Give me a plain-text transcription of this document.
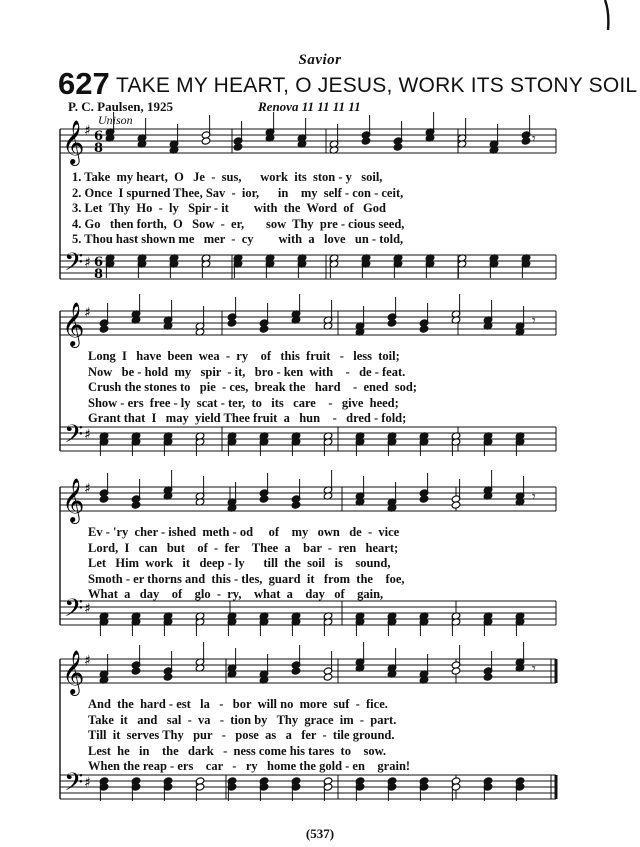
Savior
627 TAKE MY HEART, O JESUS, WORK ITS STONY SOIL
P. C. Paulsen, 1925	Renova 11 11 11 11
Unison
𝄞
𝄢
♯
♯
6
6
8
8
𝄾
𝄞
𝄢
♯
♯
𝄾
𝄞
𝄢
♯
♯
𝄾
𝄞
𝄢
♯
♯
𝄾
1. Take  my heart,  O   Je  -  sus,      work  its  ston - y   soil,
2. Once  I spurned Thee, Sav  -  ior,      in    my  self - con - ceit,
3. Let  Thy  Ho  -  ly   Spir - it        with  the  Word  of   God
4. Go   then forth,  O   Sow  -  er,       sow  Thy  pre - cious seed,
5. Thou hast shown me   mer  -  cy        with  a   love   un - told,
Long  I   have  been  wea  -  ry    of   this  fruit   -   less  toil;
Now   be - hold  my   spir  - it,   bro - ken  with    -   de - feat.
Crush the stones to   pie  - ces,  break the   hard    -  ened  sod;
Show - ers  free - ly  scat - ter,  to   its   care    -   give  heed;
Grant that  I   may  yield Thee fruit  a   hun    -   dred - fold;
Ev - 'ry  cher - ished  meth - od     of    my   own   de  -  vice
Lord,  I   can   but    of  -  fer    Thee  a    bar  -  ren   heart;
Let   Him  work   it   deep - ly      till  the  soil   is    sound,
Smoth - er thorns and  this - tles,  guard  it   from  the    foe,
What  a   day    of    glo  -  ry,    what  a    day   of    gain,
And  the  hard - est   la   -   bor  will no  more  suf  -  fice.
Take  it   and   sal  -  va   -  tion by   Thy  grace  im  -  part.
Till  it  serves Thy   pur   -   pose  as   a   fer  -  tile ground.
Lest  he   in    the   dark   -  ness come his tares  to    sow.
When the reap - ers    car   -   ry   home the gold - en    grain!
(537)
